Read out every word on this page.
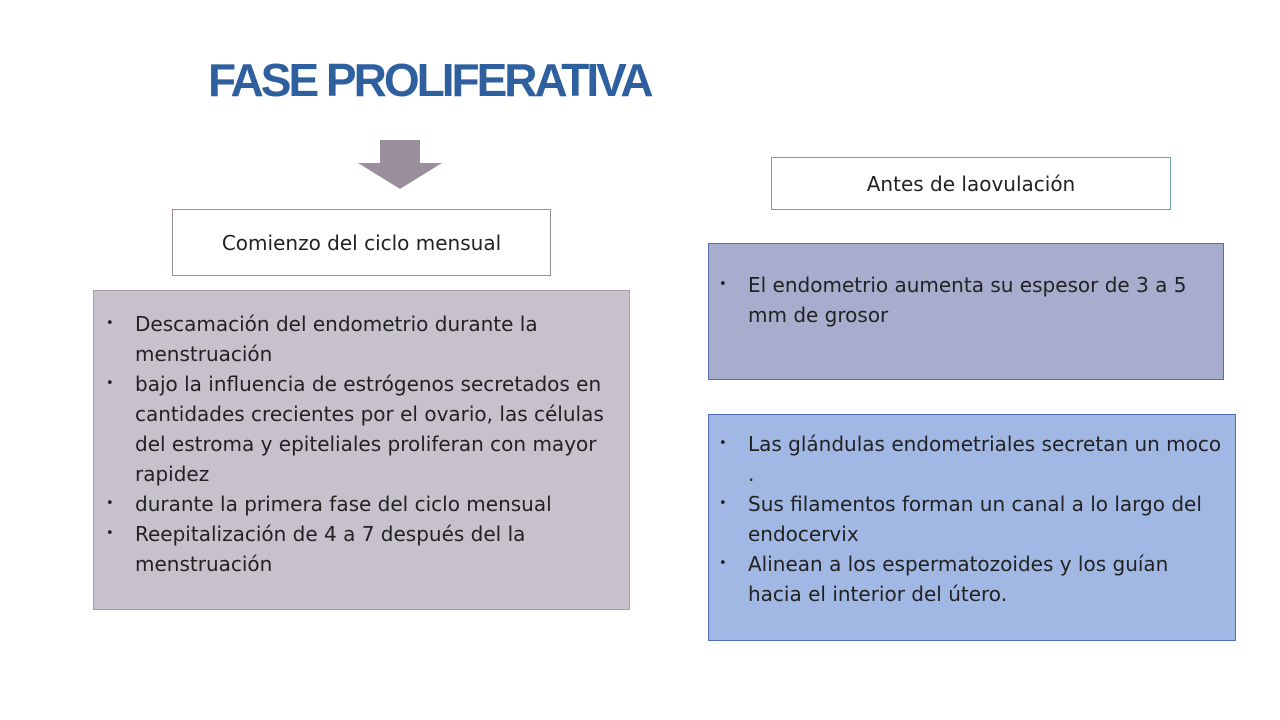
FASE PROLIFERATIVA
Comienzo del ciclo mensual
Antes de laovulación
• Descamación del endometrio durante la menstruación
• bajo la influencia de estrógenos secretados en cantidades crecientes por el ovario, las células del estroma y epiteliales proliferan con mayor rapidez
• durante la primera fase del ciclo mensual
• Reepitalización de 4 a 7 después del la menstruación
• El endometrio aumenta su espesor de 3 a 5 mm de grosor
• Las glándulas endometriales secretan un moco .
• Sus filamentos forman un canal a lo largo del endocervix
• Alinean a los espermatozoides y los guían hacia el interior del útero.
